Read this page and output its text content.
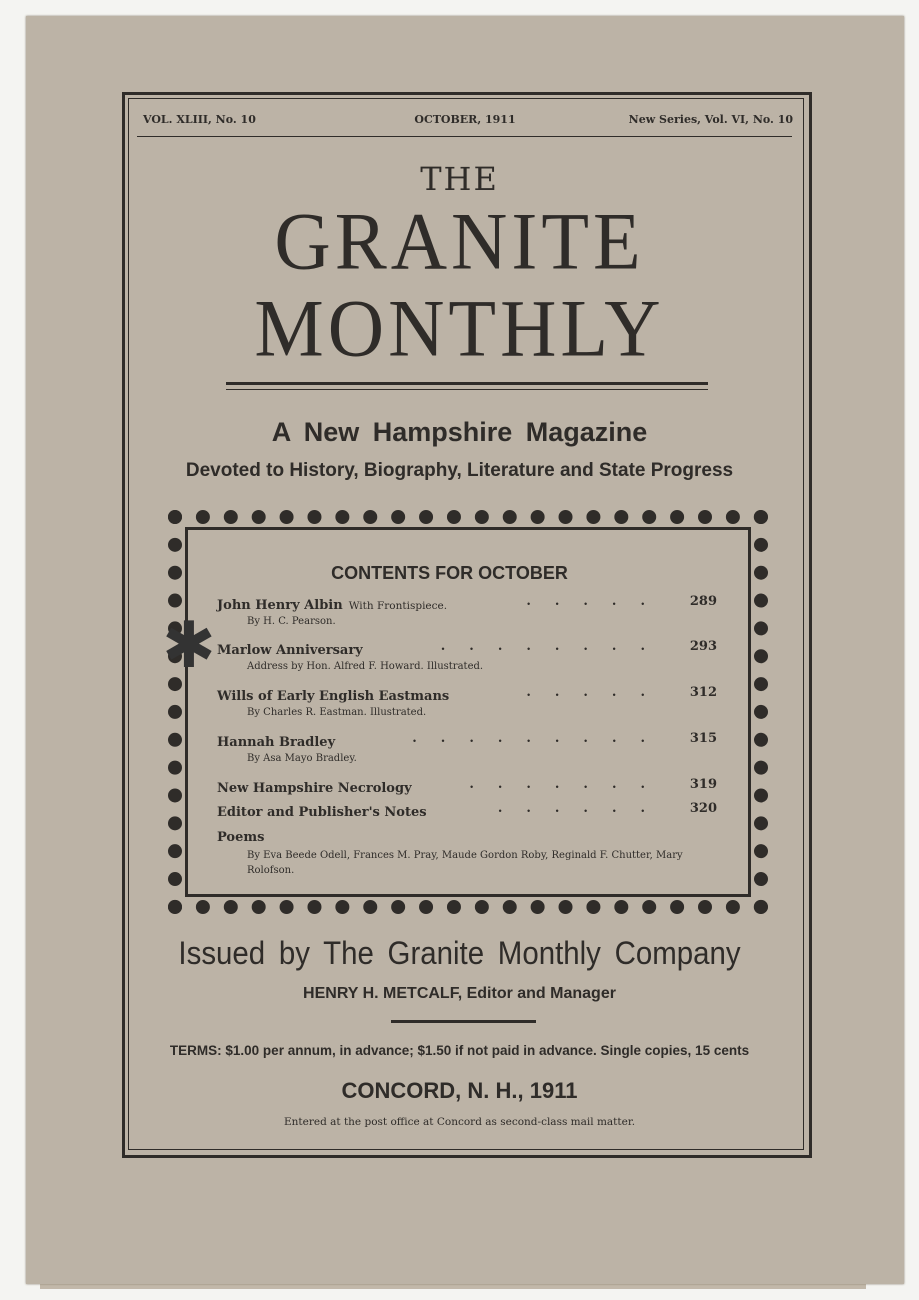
VOL. XLIII, No. 10	OCTOBER, 1911	New Series, Vol. VI, No. 10
THE
GRANITE
MONTHLY
A New Hampshire Magazine
Devoted to History, Biography, Literature and State Progress
CONTENTS FOR OCTOBER
John Henry Albin With Frontispiece.	..... 289
By H. C. Pearson.
Marlow Anniversary	........ 293
Address by Hon. Alfred F. Howard. Illustrated.
Wills of Early English Eastmans	..... 312
By Charles R. Eastman. Illustrated.
Hannah Bradley	......... 315
By Asa Mayo Bradley.
New Hampshire Necrology	....... 319
Editor and Publisher's Notes	...... 320
Poems
By Eva Beede Odell, Frances M. Pray, Maude Gordon Roby, Reginald F. Chutter, Mary Rolofson.
✱
Issued by The Granite Monthly Company
HENRY H. METCALF, Editor and Manager
TERMS: $1.00 per annum, in advance; $1.50 if not paid in advance. Single copies, 15 cents
CONCORD, N. H., 1911
Entered at the post office at Concord as second-class mail matter.
